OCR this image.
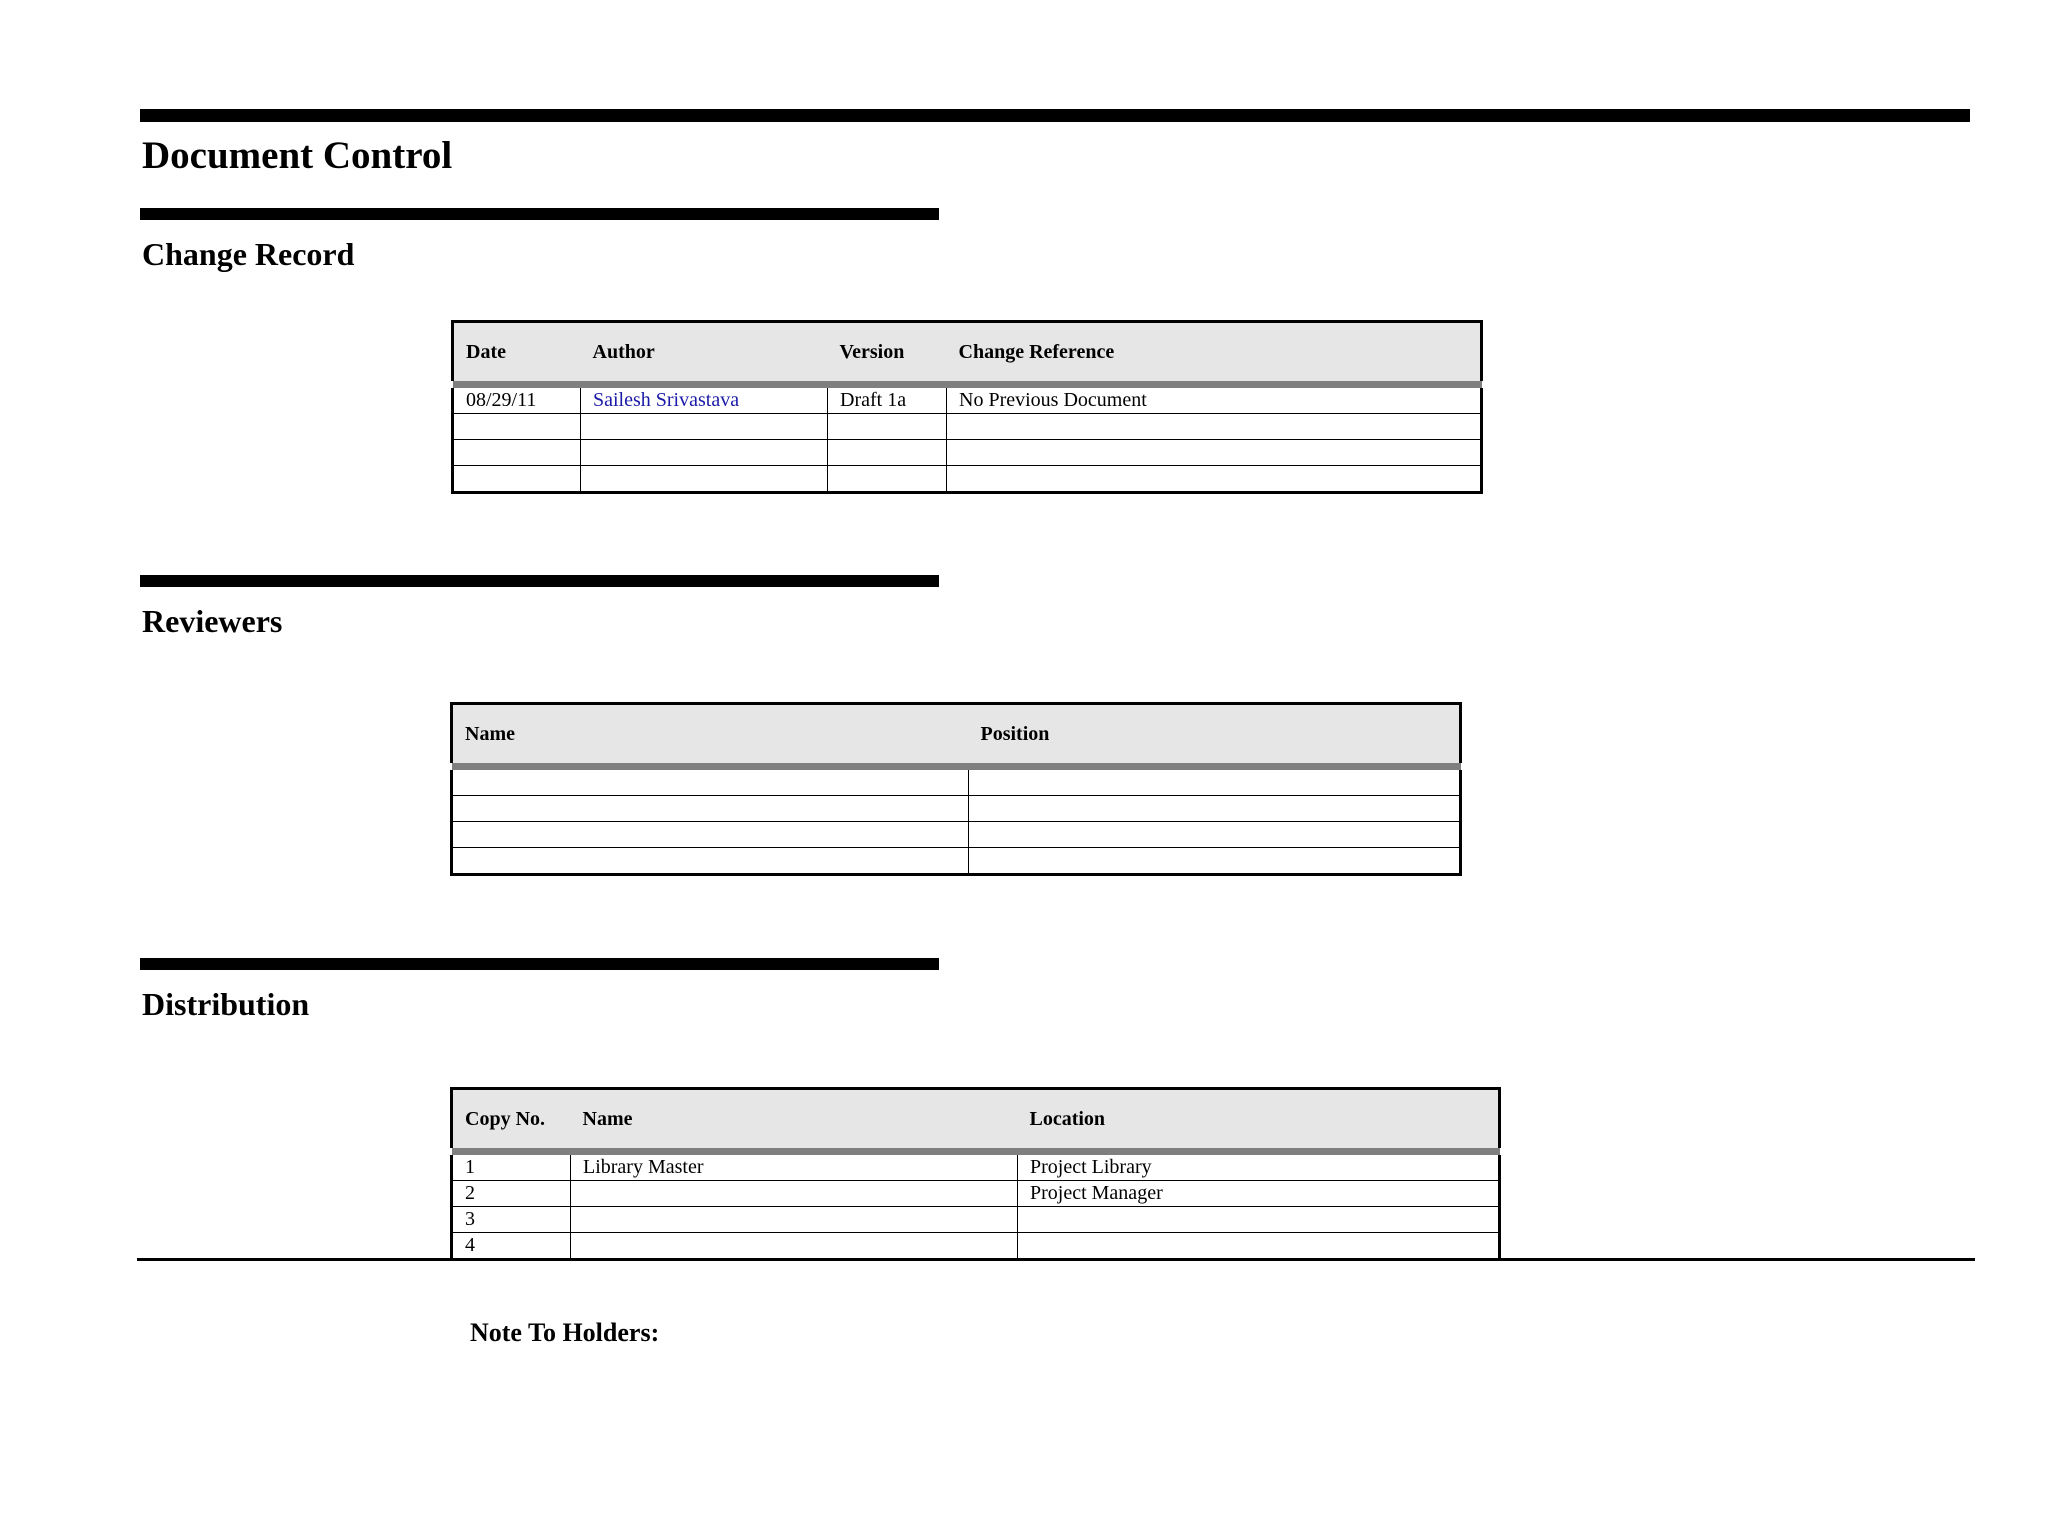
Document Control
Change Record
Date	Author	Version	Change Reference

08/29/11	Sailesh Srivastava	Draft 1a	No Previous Document

Reviewers
Name	Position

Distribution
Copy No.	Name	Location

1	Library Master	Project Library
2		Project Manager
3		
4		
Note To Holders:
